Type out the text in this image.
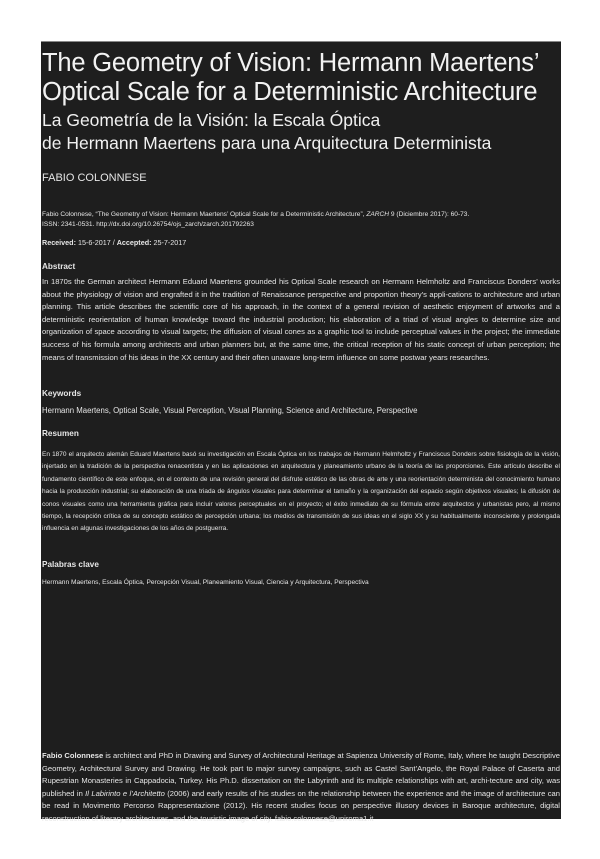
The Geometry of Vision: Hermann Maertens’ Optical Scale for a Deterministic Architecture
La Geometría de la Visión: la Escala Óptica
de Hermann Maertens para una Arquitectura Determinista
FABIO COLONNESE
Fabio Colonnese, “The Geometry of Vision: Hermann Maertens’ Optical Scale for a Deterministic Architecture”, ZARCH 9 (Diciembre 2017): 60-73.
ISSN: 2341-0531. http://dx.doi.org/10.26754/ojs_zarch/zarch.201792263
Received: 15-6-2017 / Accepted: 25-7-2017
Abstract
In 1870s the German architect Hermann Eduard Maertens grounded his Optical Scale research on Hermann Helmholtz and Franciscus Donders’ works about the physiology of vision and engrafted it in the tradition of Renaissance perspective and proportion theory’s appli-cations to architecture and urban planning. This article describes the scientific core of his approach, in the context of a general revision of aesthetic enjoyment of artworks and a deterministic reorientation of human knowledge toward the industrial production; his elaboration of a triad of visual angles to determine size and organization of space according to visual targets; the diffusion of visual cones as a graphic tool to include perceptual values in the project; the immediate success of his formula among architects and urban planners but, at the same time, the critical reception of his static concept of urban perception; the means of transmission of his ideas in the XX century and their often unaware long-term influence on some postwar years researches.
Keywords
Hermann Maertens, Optical Scale, Visual Perception, Visual Planning, Science and Architecture, Perspective
Resumen
En 1870 el arquitecto alemán Eduard Maertens basó su investigación en Escala Óptica en los trabajos de Hermann Helmholtz y Franciscus Donders sobre fisiología de la visión, injertado en la tradición de la perspectiva renacentista y en las aplicaciones en arquitectura y planeamiento urbano de la teoría de las proporciones. Este artículo describe el fundamento científico de este enfoque, en el contexto de una revisión general del disfrute estético de las obras de arte y una reorientación determinista del conocimiento humano hacia la producción industrial; su elaboración de una triada de ángulos visuales para determinar el tamaño y la organización del espacio según objetivos visuales; la difusión de conos visuales como una herramienta gráfica para incluir valores perceptuales en el proyecto; el éxito inmediato de su fórmula entre arquitectos y urbanistas pero, al mismo tiempo, la recepción crítica de su concepto estático de percepción urbana; los medios de transmisión de sus ideas en el siglo XX y su habitualmente inconsciente y prolongada influencia en algunas investigaciones de los años de postguerra.
Palabras clave
Hermann Maertens, Escala Óptica, Percepción Visual, Planeamiento Visual, Ciencia y Arquitectura, Perspectiva
Fabio Colonnese is architect and PhD in Drawing and Survey of Architectural Heritage at Sapienza University of Rome, Italy, where he taught Descriptive Geometry, Architectural Survey and Drawing. He took part to major survey campaigns, such as Castel Sant’Angelo, the Royal Palace of Caserta and Rupestrian Monasteries in Cappadocia, Turkey. His Ph.D. dissertation on the Labyrinth and its multiple relationships with art, archi-tecture and city, was published in Il Labirinto e l’Architetto (2006) and early results of his studies on the relationship between the experience and the image of architecture can be read in Movimento Percorso Rappresentazione (2012). His recent studies focus on perspective illusory devices in Baroque architecture, digital reconstruction of literary architectures, and the touristic image of city. fabio.colonnese@uniroma1.it
